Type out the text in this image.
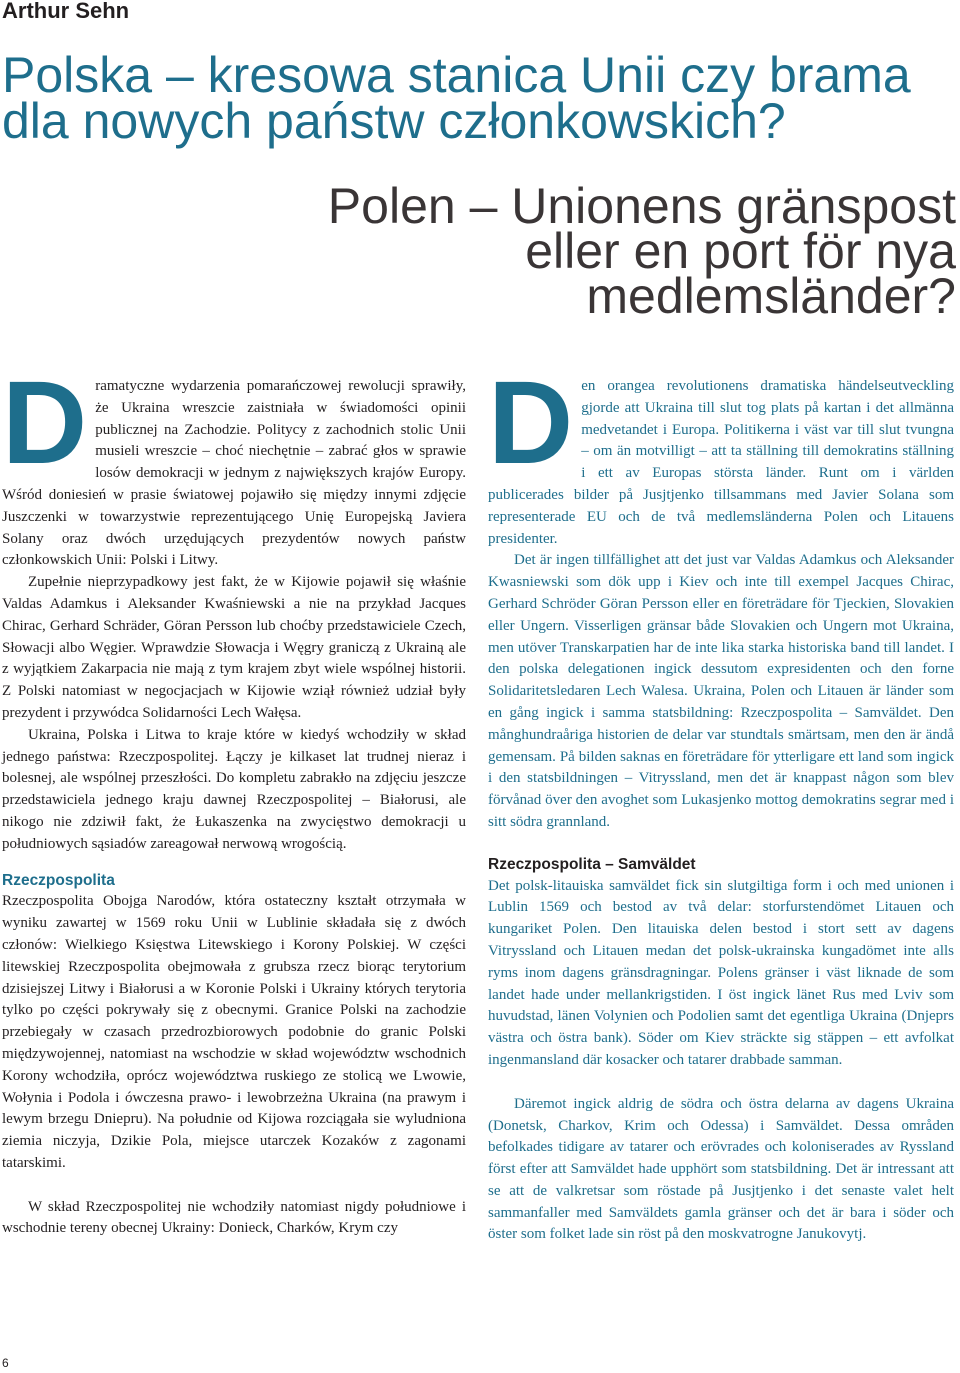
Arthur Sehn
Polska – kresowa stanica Unii czy brama dla nowych państw członkowskich?
Polen – Unionens gränspost eller en port för nya medlemsländer?

Dramatyczne wydarzenia pomarańczowej rewolucji sprawiły, że Ukraina wreszcie zaistniała w świadomości opinii publicznej na Zachodzie. Politycy z zachodnich stolic Unii musieli wreszcie – choć niechętnie – zabrać głos w sprawie losów demokracji w jednym z największych krajów Europy. Wśród doniesień w prasie światowej pojawiło się między innymi zdjęcie Juszczenki w towarzystwie reprezentującego Unię Europejską Javiera Solany oraz dwóch urzędujących prezydentów nowych państw członkowskich Unii: Polski i Litwy.

Zupełnie nieprzypadkowy jest fakt, że w Kijowie pojawił się właśnie Valdas Adamkus i Aleksander Kwaśniewski a nie na przykład Jacques Chirac, Gerhard Schräder, Göran Persson lub choćby przedstawiciele Czech, Słowacji albo Węgier. Wprawdzie Słowacja i Węgry graniczą z Ukrainą ale z wyjątkiem Zakarpacia nie mają z tym krajem zbyt wiele wspólnej historii. Z Polski natomiast w negocjacjach w Kijowie wziął również udział były prezydent i przywódca Solidarności Lech Wałęsa.

Ukraina, Polska i Litwa to kraje które w kiedyś wchodziły w skład jednego państwa: Rzeczpospolitej. Łączy je kilkaset lat trudnej nieraz i bolesnej, ale wspólnej przeszłości. Do kompletu zabrakło na zdjęciu jeszcze przedstawiciela jednego kraju dawnej Rzeczpospolitej – Białorusi, ale nikogo nie zdziwił fakt, że Łukaszenka na zwycięstwo demokracji u południowych sąsiadów zareagował nerwową wrogością.

Rzeczpospolita

Rzeczpospolita Obojga Narodów, która ostateczny kształt otrzymała w wyniku zawartej w 1569 roku Unii w Lublinie składała się z dwóch członów: Wielkiego Księstwa Litewskiego i Korony Polskiej. W części litewskiej Rzeczpospolita obejmowała z grubsza rzecz biorąc terytorium dzisiejszej Litwy i Białorusi a w Koronie Polski i Ukrainy których terytoria tylko po części pokrywały się z obecnymi. Granice Polski na zachodzie przebiegały w czasach przedrozbiorowych podobnie do granic Polski międzywojennej, natomiast na wschodzie w skład województw wschodnich Korony wchodziła, oprócz województwa ruskiego ze stolicą we Lwowie, Wołynia i Podola i ówczesna prawo- i lewobrzeżna Ukraina (na prawym i lewym brzegu Dniepru). Na południe od Kijowa rozciągała sie wyludniona ziemia niczyja, Dzikie Pola, miejsce utarczek Kozaków z zagonami tatarskimi.

W skład Rzeczpospolitej nie wchodziły natomiast nigdy południowe i wschodnie tereny obecnej Ukrainy: Donieck, Charków, Krym czy

Den orangea revolutionens dramatiska händelseutveckling gjorde att Ukraina till slut tog plats på kartan i det allmänna medvetandet i Europa. Politikerna i väst var till slut tvungna – om än motvilligt – att ta ställning till demokratins ställning i ett av Europas största länder. Runt om i världen publicerades bilder på Jusjtjenko tillsammans med Javier Solana som representerade EU och de två medlemsländerna Polen och Litauens presidenter.

Det är ingen tillfällighet att det just var Valdas Adamkus och Aleksander Kwasniewski som dök upp i Kiev och inte till exempel Jacques Chirac, Gerhard Schröder Göran Persson eller en företrädare för Tjeckien, Slovakien eller Ungern. Visserligen gränsar både Slovakien och Ungern mot Ukraina, men utöver Transkarpatien har de inte lika starka historiska band till landet. I den polska delegationen ingick dessutom expresidenten och den forne Solidaritetsledaren Lech Walesa. Ukraina, Polen och Litauen är länder som en gång ingick i samma statsbildning: Rzeczpospolita – Samväldet. Den månghundraåriga historien de delar var stundtals smärtsam, men den är ändå gemensam. På bilden saknas en företrädare för ytterligare ett land som ingick i den statsbildningen – Vitryssland, men det är knappast någon som blev förvånad över den avoghet som Lukasjenko mottog demokratins segrar med i sitt södra grannland.

Rzeczpospolita – Samväldet

Det polsk-litauiska samväldet fick sin slutgiltiga form i och med unionen i Lublin 1569 och bestod av två delar: storfurstendömet Litauen och kungariket Polen. Den litauiska delen bestod i stort sett av dagens Vitryssland och Litauen medan det polsk-ukrainska kungadömet inte alls ryms inom dagens gränsdragningar. Polens gränser i väst liknade de som landet hade under mellankrigstiden. I öst ingick länet Rus med Lviv som huvudstad, länen Volynien och Podolien samt det egentliga Ukraina (Dnjeprs västra och östra bank). Söder om Kiev sträckte sig stäppen – ett avfolkat ingenmansland där kosacker och tatarer drabbade samman.

Däremot ingick aldrig de södra och östra delarna av dagens Ukraina (Donetsk, Charkov, Krim och Odessa) i Samväldet. Dessa områden befolkades tidigare av tatarer och erövrades och koloniserades av Ryssland först efter att Samväldet hade upphört som statsbildning. Det är intressant att se att de valkretsar som röstade på Jusjtjenko i det senaste valet helt sammanfaller med Samväldets gamla gränser och det är bara i söder och öster som folket lade sin röst på den moskvatrogne Janukovytj.

6
